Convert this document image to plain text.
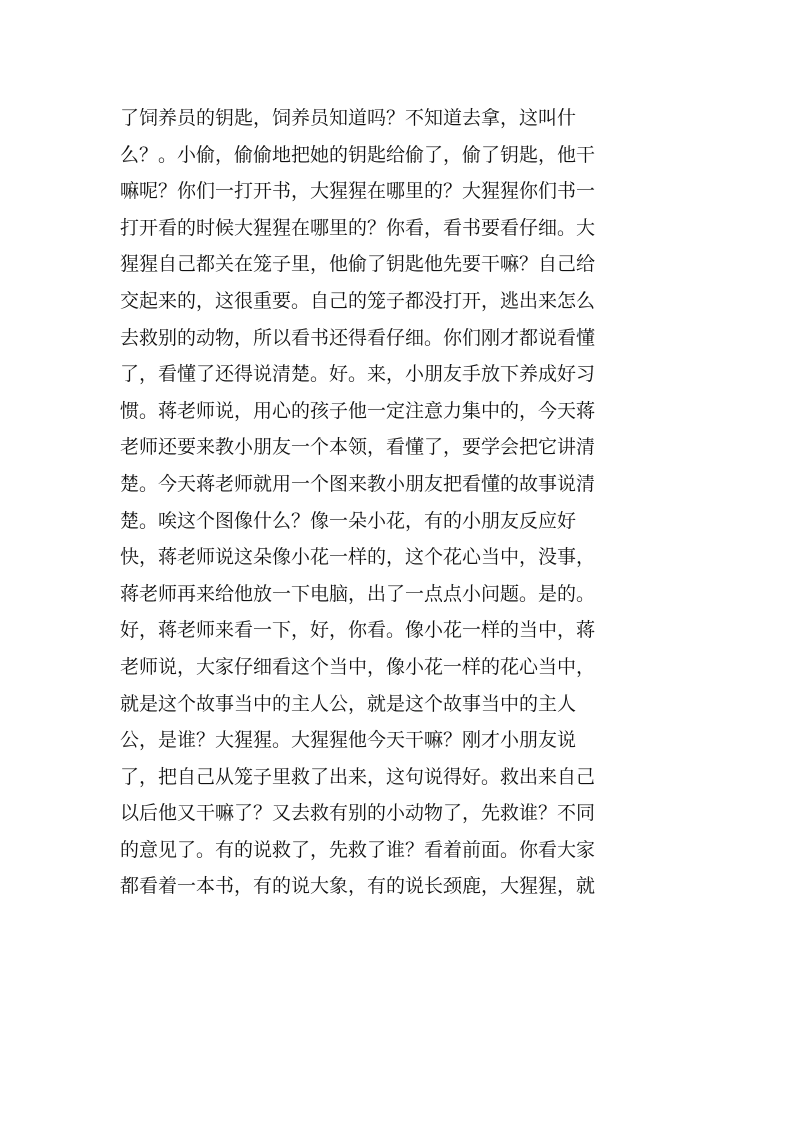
了饲养员的钥匙，饲养员知道吗？不知道去拿，这叫什
么？。小偷，偷偷地把她的钥匙给偷了，偷了钥匙，他干
嘛呢？你们一打开书，大猩猩在哪里的？大猩猩你们书一
打开看的时候大猩猩在哪里的？你看，看书要看仔细。大
猩猩自己都关在笼子里，他偷了钥匙他先要干嘛？自己给
交起来的，这很重要。自己的笼子都没打开，逃出来怎么
去救别的动物，所以看书还得看仔细。你们刚才都说看懂
了，看懂了还得说清楚。好。来，小朋友手放下养成好习
惯。蒋老师说，用心的孩子他一定注意力集中的，今天蒋
老师还要来教小朋友一个本领，看懂了，要学会把它讲清
楚。今天蒋老师就用一个图来教小朋友把看懂的故事说清
楚。唉这个图像什么？像一朵小花，有的小朋友反应好
快，蒋老师说这朵像小花一样的，这个花心当中，没事，
蒋老师再来给他放一下电脑，出了一点点小问题。是的。
好，蒋老师来看一下，好，你看。像小花一样的当中，蒋
老师说，大家仔细看这个当中，像小花一样的花心当中，
就是这个故事当中的主人公，就是这个故事当中的主人
公，是谁？大猩猩。大猩猩他今天干嘛？刚才小朋友说
了，把自己从笼子里救了出来，这句说得好。救出来自己
以后他又干嘛了？又去救有别的小动物了，先救谁？不同
的意见了。有的说救了，先救了谁？看着前面。你看大家
都看着一本书，有的说大象，有的说长颈鹿，大猩猩，就
